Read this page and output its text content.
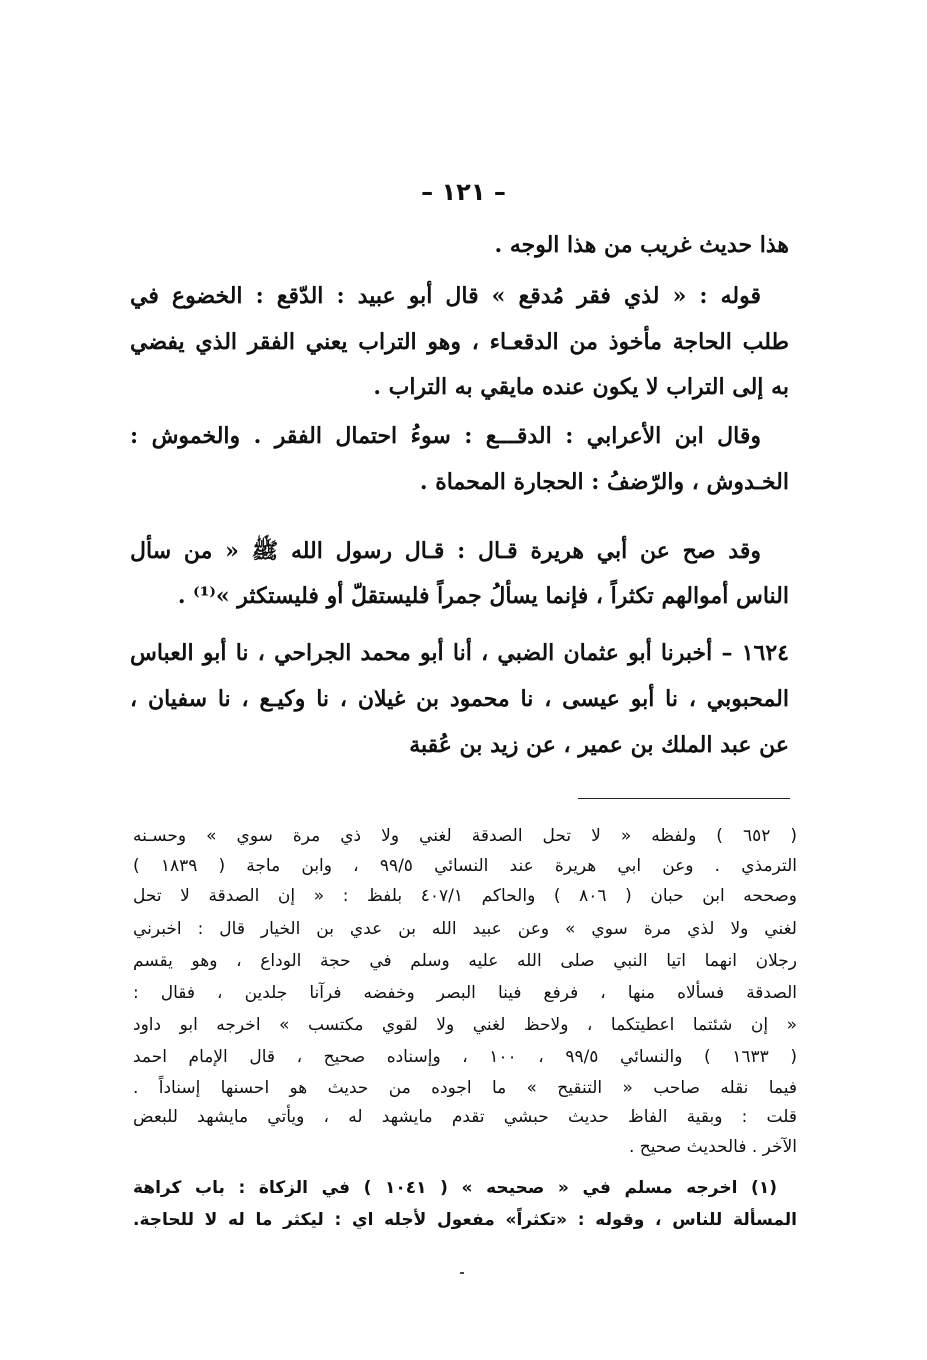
– ١٢١ –
هذا حديث غريب من هذا الوجه .
قوله : « لذي فقر مُدقع » قال أبو عبيد : الدّقع : الخضوع في
طلب الحاجة مأخوذ من الدقعـاء ، وهو التراب يعني الفقر الذي يفضي
به إلى التراب لا يكون عنده مايقي به التراب .
وقال ابن الأعرابي : الدقـــع : سوءُ احتمال الفقر . والخموش :
الخـدوش ، والرّضفُ : الحجارة المحماة .
وقد صح عن أبي هريرة قـال : قـال رسول الله ﷺ « من سأل
الناس أموالهم تكثراً ، فإنما يسألُ جمراً فليستقلّ أو فليستكثر »⁽¹⁾ .
١٦٢٤ – أخبرنا أبو عثمان الضبي ، أنا أبو محمد الجراحي ، نا أبو العباس
المحبوبي ، نا أبو عيسى ، نا محمود بن غيلان ، نا وكيـع ، نا سفيان ،
عن عبد الملك بن عمير ، عن زيد بن عُقبة
( ٦٥٢ ) ولفظه « لا تحل الصدقة لغني ولا ذي مرة سوي » وحسـنه
الترمذي . وعن ابي هريرة عند النسائي ٩٩/٥ ، وابن ماجة ( ١٨٣٩ )
وصححه ابن حبان ( ٨٠٦ ) والحاكم ٤٠٧/١ بلفظ : « إن الصدقة لا تحل
لغني ولا لذي مرة سوي » وعن عبيد الله بن عدي بن الخيار قال : اخبرني
رجلان انهما اتيا النبي صلى الله عليه وسلم في حجة الوداع ، وهو يقسم
الصدقة فسألاه منها ، فرفع فينا البصر وخفضه فرآنا جلدين ، فقال :
« إن شئتما اعطيتكما ، ولاحظ لغني ولا لقوي مكتسب » اخرجه ابو داود
( ١٦٣٣ ) والنسائي ٩٩/٥ ، ١٠٠ ، وإسناده صحيح ، قال الإمام احمد
فيما نقله صاحب « التنقيح » ما اجوده من حديث هو احسنها إسناداً .
قلت : وبقية الفاظ حديث حبشي تقدم مايشهد له ، ويأتي مايشهد للبعض
الآخر . فالحديث صحيح .
(١) اخرجه مسلم في « صحيحه » ( ١٠٤١ ) في الزكاة : باب كراهة
المسألة للناس ، وقوله : «تكثراً» مفعول لأجله اي : ليكثر ما له لا للحاجة.
